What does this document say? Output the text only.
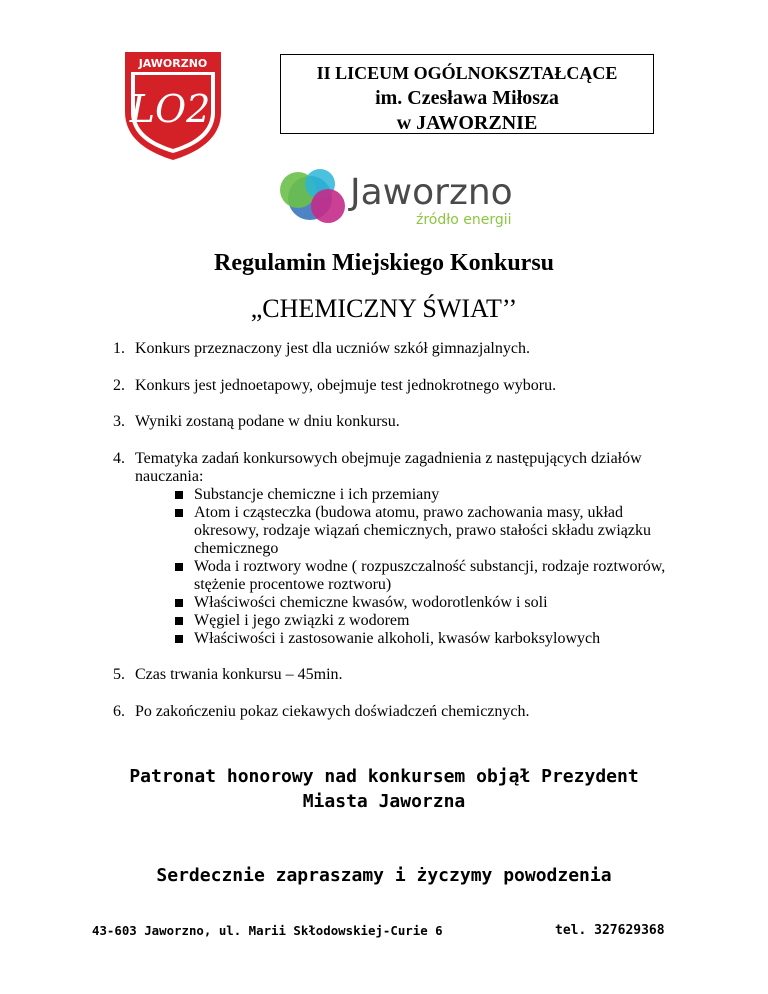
JAWORZNO
LO2
II LICEUM OGÓLNOKSZTAŁCĄCE
im. Czesława Miłosza
w JAWORZNIE
Jaworzno
źródło energii
Regulamin Miejskiego Konkursu
„CHEMICZNY ŚWIAT’’
1. Konkurs przeznaczony jest dla uczniów szkół gimnazjalnych.
2. Konkurs jest jednoetapowy, obejmuje test jednokrotnego wyboru.
3. Wyniki zostaną podane w dniu konkursu.
4. Tematyka zadań konkursowych obejmuje zagadnienia z następujących działów nauczania:
Substancje chemiczne i ich przemiany
Atom i cząsteczka (budowa atomu, prawo zachowania masy, układ okresowy, rodzaje wiązań chemicznych, prawo stałości składu związku chemicznego
Woda i roztwory wodne ( rozpuszczalność substancji, rodzaje roztworów, stężenie procentowe roztworu)
Właściwości chemiczne kwasów, wodorotlenków i soli
Węgiel i jego związki z wodorem
Właściwości i zastosowanie alkoholi, kwasów karboksylowych
5. Czas trwania konkursu – 45min.
6. Po zakończeniu pokaz ciekawych doświadczeń chemicznych.
Patronat honorowy nad konkursem objął Prezydent
Miasta Jaworzna
Serdecznie zapraszamy i życzymy powodzenia
43-603 Jaworzno, ul. Marii Skłodowskiej-Curie 6	tel. 327629368
